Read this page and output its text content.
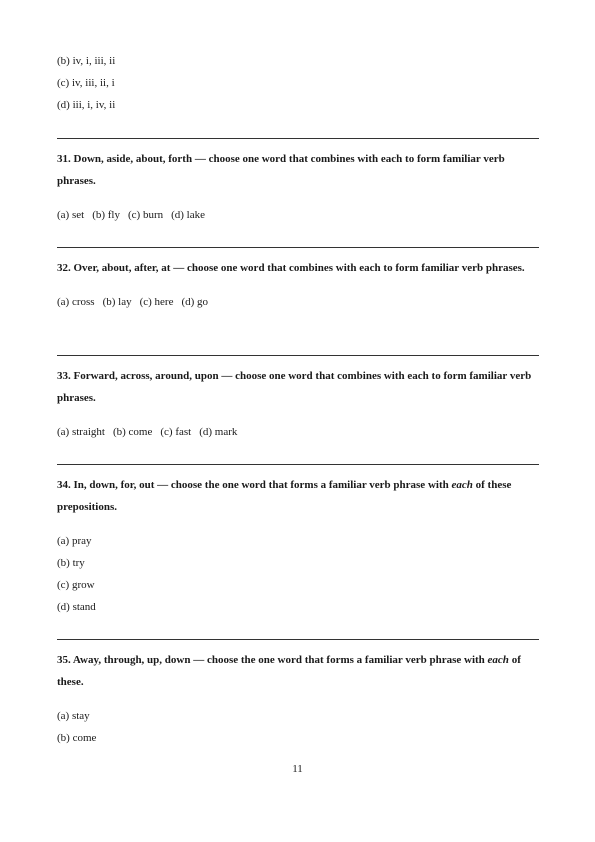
(b) iv, i, iii, ii
(c) iv, iii, ii, i
(d) iii, i, iv, ii
31. Down, aside, about, forth — choose one word that combines with each to form familiar verb phrases.
(a) set (b) fly (c) burn (d) lake
32. Over, about, after, at — choose one word that combines with each to form familiar verb phrases.
(a) cross (b) lay (c) here (d) go
33. Forward, across, around, upon — choose one word that combines with each to form familiar verb phrases.
(a) straight (b) come (c) fast (d) mark
34. In, down, for, out — choose the one word that forms a familiar verb phrase with each of these prepositions.
(a) pray
(b) try
(c) grow
(d) stand
35. Away, through, up, down — choose the one word that forms a familiar verb phrase with each of these.
(a) stay
(b) come
11
